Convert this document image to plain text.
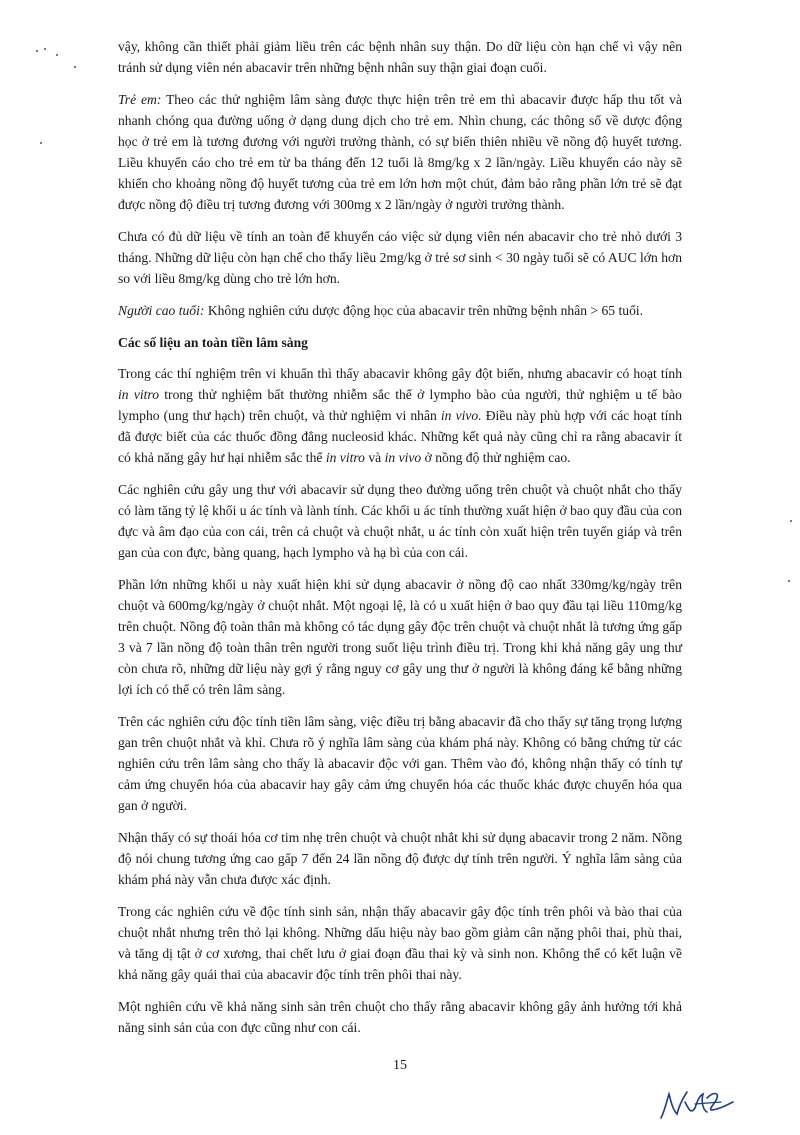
vậy, không cần thiết phải giảm liều trên các bệnh nhân suy thận. Do dữ liệu còn hạn chế vì vậy nên tránh sử dụng viên nén abacavir trên những bệnh nhân suy thận giai đoạn cuối.

Trẻ em: Theo các thử nghiệm lâm sàng được thực hiện trên trẻ em thì abacavir được hấp thu tốt và nhanh chóng qua đường uống ở dạng dung dịch cho trẻ em. Nhìn chung, các thông số về dược động học ở trẻ em là tương đương với người trưởng thành, có sự biến thiên nhiều về nồng độ huyết tương. Liều khuyến cáo cho trẻ em từ ba tháng đến 12 tuổi là 8mg/kg x 2 lần/ngày. Liều khuyến cáo này sẽ khiến cho khoảng nồng độ huyết tương của trẻ em lớn hơn một chút, đảm bảo rằng phần lớn trẻ sẽ đạt được nồng độ điều trị tương đương với 300mg x 2 lần/ngày ở người trưởng thành.

Chưa có đủ dữ liệu về tính an toàn để khuyến cáo việc sử dụng viên nén abacavir cho trẻ nhỏ dưới 3 tháng. Những dữ liệu còn hạn chế cho thấy liều 2mg/kg ở trẻ sơ sinh < 30 ngày tuổi sẽ có AUC lớn hơn so với liều 8mg/kg dùng cho trẻ lớn hơn.

Người cao tuổi: Không nghiên cứu dược động học của abacavir trên những bệnh nhân > 65 tuổi.

Các số liệu an toàn tiền lâm sàng

Trong các thí nghiệm trên vi khuẩn thì thấy abacavir không gây đột biến, nhưng abacavir có hoạt tính in vitro trong thử nghiệm bất thường nhiễm sắc thể ở lympho bào của người, thử nghiệm u tế bào lympho (ung thư hạch) trên chuột, và thử nghiệm vi nhân in vivo. Điều này phù hợp với các hoạt tính đã được biết của các thuốc đồng đẳng nucleosid khác. Những kết quả này cũng chỉ ra rằng abacavir ít có khả năng gây hư hại nhiễm sắc thể in vitro và in vivo ở nồng độ thử nghiệm cao.

Các nghiên cứu gây ung thư với abacavir sử dụng theo đường uống trên chuột và chuột nhắt cho thấy có làm tăng tỷ lệ khối u ác tính và lành tính. Các khối u ác tính thường xuất hiện ở bao quy đầu của con đực và âm đạo của con cái, trên cả chuột và chuột nhắt, u ác tính còn xuất hiện trên tuyến giáp và trên gan của con đực, bàng quang, hạch lympho và hạ bì của con cái.

Phần lớn những khối u này xuất hiện khi sử dụng abacavir ở nồng độ cao nhất 330mg/kg/ngày trên chuột và 600mg/kg/ngày ở chuột nhắt. Một ngoại lệ, là có u xuất hiện ở bao quy đầu tại liều 110mg/kg trên chuột. Nồng độ toàn thân mà không có tác dụng gây độc trên chuột và chuột nhắt là tương ứng gấp 3 và 7 lần nồng độ toàn thân trên người trong suốt liệu trình điều trị. Trong khi khả năng gây ung thư còn chưa rõ, những dữ liệu này gợi ý rằng nguy cơ gây ung thư ở người là không đáng kể bằng những lợi ích có thể có trên lâm sàng.

Trên các nghiên cứu độc tính tiền lâm sàng, việc điều trị bằng abacavir đã cho thấy sự tăng trọng lượng gan trên chuột nhắt và khỉ. Chưa rõ ý nghĩa lâm sàng của khám phá này. Không có bằng chứng từ các nghiên cứu trên lâm sàng cho thấy là abacavir độc với gan. Thêm vào đó, không nhận thấy có tính tự cảm ứng chuyển hóa của abacavir hay gây cảm ứng chuyển hóa các thuốc khác được chuyển hóa qua gan ở người.

Nhận thấy có sự thoái hóa cơ tim nhẹ trên chuột và chuột nhắt khi sử dụng abacavir trong 2 năm. Nồng độ nói chung tương ứng cao gấp 7 đến 24 lần nồng độ được dự tính trên người. Ý nghĩa lâm sàng của khám phá này vẫn chưa được xác định.

Trong các nghiên cứu về độc tính sinh sản, nhận thấy abacavir gây độc tính trên phôi và bào thai của chuột nhắt nhưng trên thỏ lại không. Những dấu hiệu này bao gồm giảm cân nặng phôi thai, phù thai, và tăng dị tật ở cơ xương, thai chết lưu ở giai đoạn đầu thai kỳ và sinh non. Không thể có kết luận về khả năng gây quái thai của abacavir độc tính trên phôi thai này.

Một nghiên cứu về khả năng sinh sản trên chuột cho thấy rằng abacavir không gây ảnh hưởng tới khả năng sinh sản của con đực cũng như con cái.

15
